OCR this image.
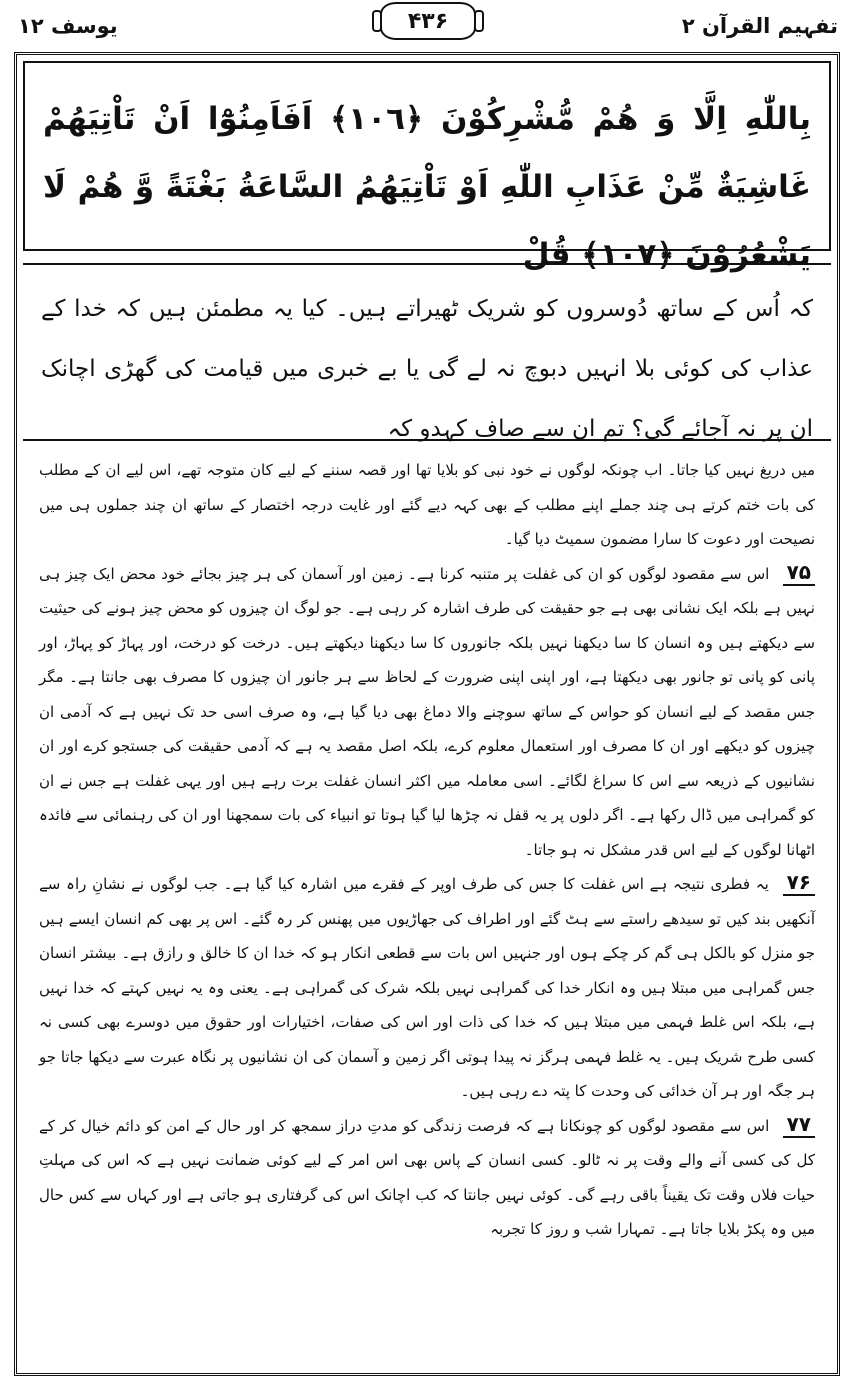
تفہیم القرآن ۲
یوسف ۱۲	۴۳۶
بِاللّٰهِ اِلَّا وَ هُمْ مُّشْرِكُوْنَ ﴿١٠٦﴾ اَفَاَمِنُوْٓا اَنْ تَاْتِيَهُمْ غَاشِيَةٌ مِّنْ عَذَابِ اللّٰهِ اَوْ تَاْتِيَهُمُ السَّاعَةُ بَغْتَةً وَّ هُمْ لَا يَشْعُرُوْنَ ﴿١٠٧﴾ قُلْ
کہ اُس کے ساتھ دُوسروں کو شریک ٹھیراتے ہیں۔ کیا یہ مطمئن ہیں کہ خدا کے عذاب کی کوئی بلا انہیں دبوچ نہ لے گی یا بے خبری میں قیامت کی گھڑی اچانک ان پر نہ آجائے گی؟ تم ان سے صاف کہدو کہ

میں دریغ نہیں کیا جاتا۔ اب چونکہ لوگوں نے خود نبی کو بلایا تھا اور قصہ سننے کے لیے کان متوجہ تھے، اس لیے ان کے مطلب کی بات ختم کرتے ہی چند جملے اپنے مطلب کے بھی کہہ دیے گئے اور غایت درجہ اختصار کے ساتھ ان چند جملوں ہی میں نصیحت اور دعوت کا سارا مضمون سمیٹ دیا گیا۔

۷۵ اس سے مقصود لوگوں کو ان کی غفلت پر متنبہ کرنا ہے۔ زمین اور آسمان کی ہر چیز بجائے خود محض ایک چیز ہی نہیں ہے بلکہ ایک نشانی بھی ہے جو حقیقت کی طرف اشارہ کر رہی ہے۔ جو لوگ ان چیزوں کو محض چیز ہونے کی حیثیت سے دیکھتے ہیں وہ انسان کا سا دیکھنا نہیں بلکہ جانوروں کا سا دیکھنا دیکھتے ہیں۔ درخت کو درخت، اور پہاڑ کو پہاڑ، اور پانی کو پانی تو جانور بھی دیکھتا ہے، اور اپنی اپنی ضرورت کے لحاظ سے ہر جانور ان چیزوں کا مصرف بھی جانتا ہے۔ مگر جس مقصد کے لیے انسان کو حواس کے ساتھ سوچنے والا دماغ بھی دیا گیا ہے، وہ صرف اسی حد تک نہیں ہے کہ آدمی ان چیزوں کو دیکھے اور ان کا مصرف اور استعمال معلوم کرے، بلکہ اصل مقصد یہ ہے کہ آدمی حقیقت کی جستجو کرے اور ان نشانیوں کے ذریعہ سے اس کا سراغ لگائے۔ اسی معاملہ میں اکثر انسان غفلت برت رہے ہیں اور یہی غفلت ہے جس نے ان کو گمراہی میں ڈال رکھا ہے۔ اگر دلوں پر یہ قفل نہ چڑھا لیا گیا ہوتا تو انبیاء کی بات سمجھنا اور ان کی رہنمائی سے فائدہ اٹھانا لوگوں کے لیے اس قدر مشکل نہ ہو جاتا۔

۷۶ یہ فطری نتیجہ ہے اس غفلت کا جس کی طرف اوپر کے فقرے میں اشارہ کیا گیا ہے۔ جب لوگوں نے نشانِ راہ سے آنکھیں بند کیں تو سیدھے راستے سے ہٹ گئے اور اطراف کی جھاڑیوں میں پھنس کر رہ گئے۔ اس پر بھی کم انسان ایسے ہیں جو منزل کو بالکل ہی گم کر چکے ہوں اور جنہیں اس بات سے قطعی انکار ہو کہ خدا ان کا خالق و رازق ہے۔ بیشتر انسان جس گمراہی میں مبتلا ہیں وہ انکار خدا کی گمراہی نہیں بلکہ شرک کی گمراہی ہے۔ یعنی وہ یہ نہیں کہتے کہ خدا نہیں ہے، بلکہ اس غلط فہمی میں مبتلا ہیں کہ خدا کی ذات اور اس کی صفات، اختیارات اور حقوق میں دوسرے بھی کسی نہ کسی طرح شریک ہیں۔ یہ غلط فہمی ہرگز نہ پیدا ہوتی اگر زمین و آسمان کی ان نشانیوں پر نگاہ عبرت سے دیکھا جاتا جو ہر جگہ اور ہر آن خدائی کی وحدت کا پتہ دے رہی ہیں۔

۷۷ اس سے مقصود لوگوں کو چونکانا ہے کہ فرصت زندگی کو مدتِ دراز سمجھ کر اور حال کے امن کو دائم خیال کر کے کل کی کسی آنے والے وقت پر نہ ٹالو۔ کسی انسان کے پاس بھی اس امر کے لیے کوئی ضمانت نہیں ہے کہ اس کی مہلتِ حیات فلاں وقت تک یقیناً باقی رہے گی۔ کوئی نہیں جانتا کہ کب اچانک اس کی گرفتاری ہو جاتی ہے اور کہاں سے کس حال میں وہ پکڑ بلایا جاتا ہے۔ تمہارا شب و روز کا تجربہ
